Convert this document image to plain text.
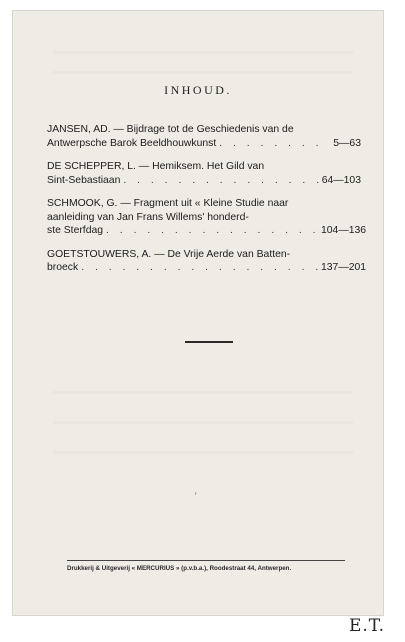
INHOUD.
JANSEN, AD. — Bijdrage tot de Geschiedenis van de
Antwerpsche Barok Beeldhouwkunst . . .	5—63
DE SCHEPPER, L. — Hemiksem. Het Gild van
Sint-Sebastiaan . . .	64—103
SCHMOOK, G. — Fragment uit « Kleine Studie naar
aanleiding van Jan Frans Willems' honderd-
ste Sterfdag . . .	104—136
GOETSTOUWERS, A. — De Vrije Aerde van Batten-
broeck . . .	137—201
'
Drukkerij & Uitgeverij « MERCURIUS » (p.v.b.a.), Roodestraat 44, Antwerpen.
E.T.
